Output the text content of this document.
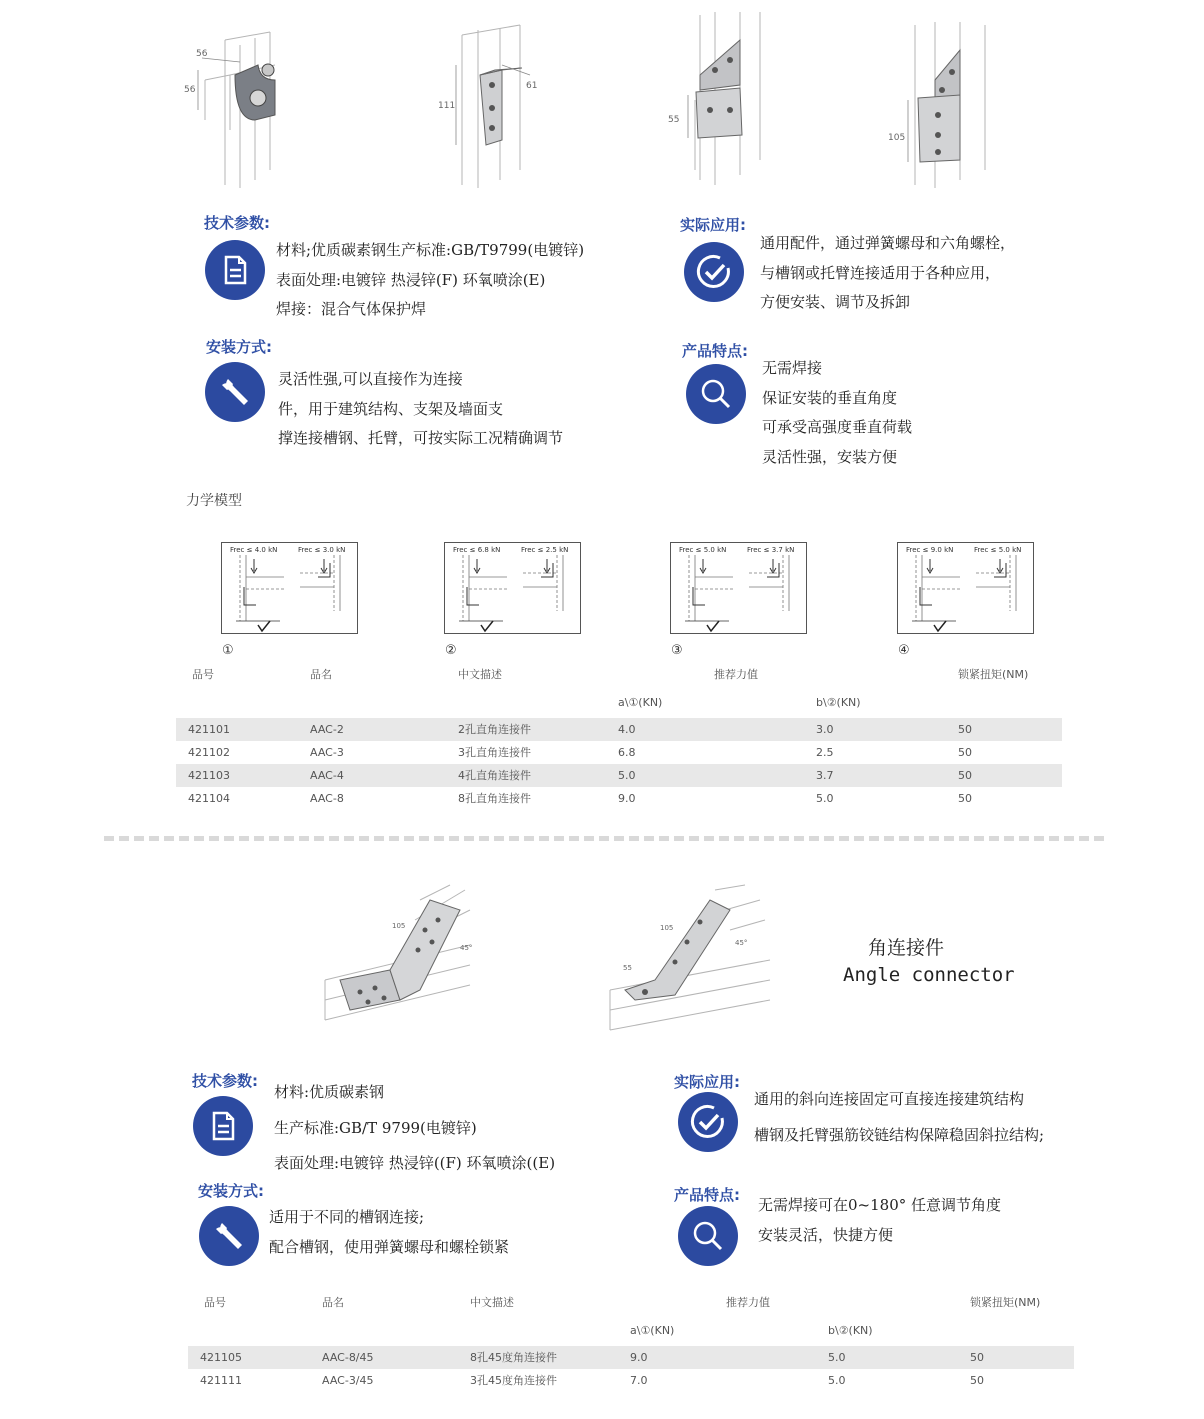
56
56
111
61
55
105
技术参数:
材料;优质碳素钢生产标准:GB/T9799(电镀锌)
表面处理:电镀锌 热浸锌(F) 环氧喷涂(E)
焊接：混合气体保护焊
实际应用:
通用配件，通过弹簧螺母和六角螺栓，
与槽钢或托臂连接适用于各种应用，
方便安装、调节及拆卸
安装方式:
灵活性强,可以直接作为连接
件，用于建筑结构、支架及墙面支
撑连接槽钢、托臂，可按实际工况精确调节
产品特点:
无需焊接
保证安装的垂直角度
可承受高强度垂直荷载
灵活性强，安装方便
力学模型
Frec ≤ 4.0 kN	Frec ≤ 3.0 kN
①
Frec ≤ 6.8 kN	Frec ≤ 2.5 kN
②
Frec ≤ 5.0 kN	Frec ≤ 3.7 kN
③
Frec ≤ 9.0 kN	Frec ≤ 5.0 kN
④
品号	品名	中文描述	推荐力值	锁紧扭矩(NM)
a\①(KN)	b\②(KN)
421101	AAC-2	2孔直角连接件	4.0	3.0	50
421102	AAC-3	3孔直角连接件	6.8	2.5	50
421103	AAC-4	4孔直角连接件	5.0	3.7	50
421104	AAC-8	8孔直角连接件	9.0	5.0	50
105
45°
105
45°
55
角连接件
Angle connector
技术参数:
材料:优质碳素钢
生产标准:GB/T 9799(电镀锌)
表面处理:电镀锌 热浸锌((F) 环氧喷涂((E)
实际应用:
通用的斜向连接固定可直接连接建筑结构
槽钢及托臂强筋铰链结构保障稳固斜拉结构;
安装方式:
适用于不同的槽钢连接;
配合槽钢，使用弹簧螺母和螺栓锁紧
产品特点:
无需焊接可在0~180° 任意调节角度
安装灵活，快捷方便
品号	品名	中文描述	推荐力值	锁紧扭矩(NM)
a\①(KN)	b\②(KN)
421105	AAC-8/45	8孔45度角连接件	9.0	5.0	50
421111	AAC-3/45	3孔45度角连接件	7.0	5.0	50
